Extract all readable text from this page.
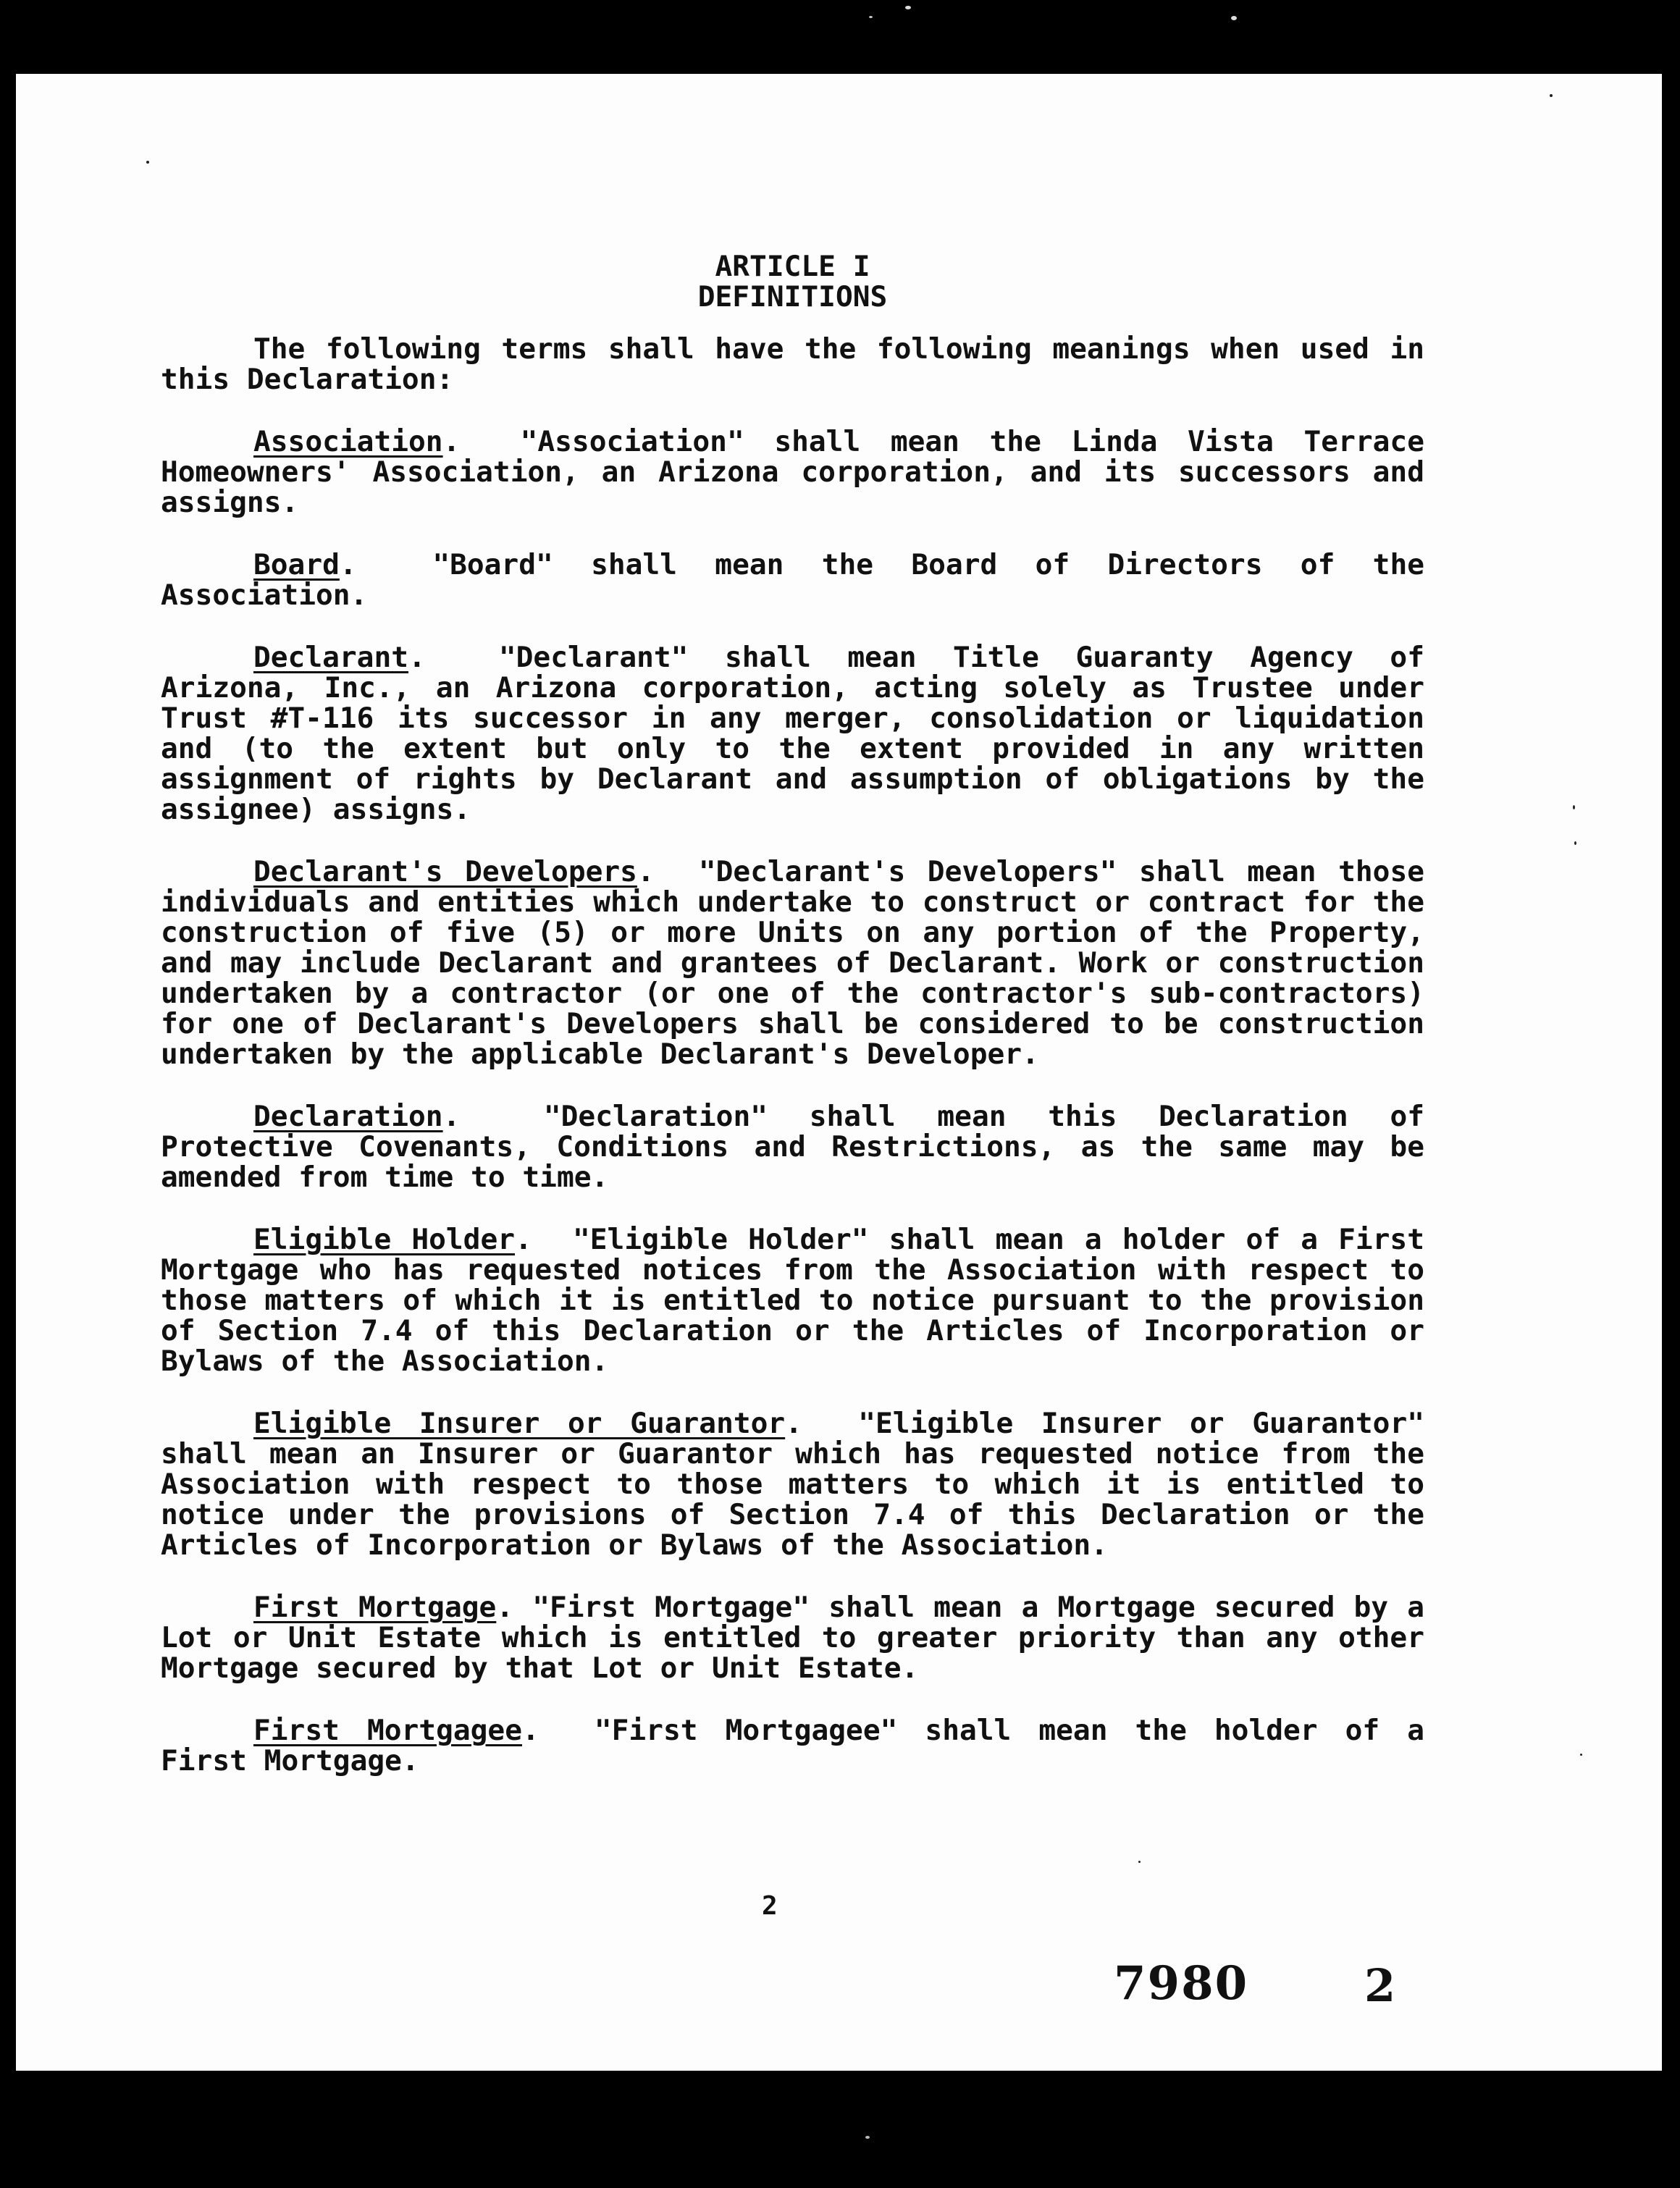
ARTICLE I
DEFINITIONS

The following terms shall have the following meanings when used in this Declaration:

Association.  "Association" shall mean the Linda Vista Terrace Homeowners' Association, an Arizona corporation, and its successors and assigns.

Board.  "Board" shall mean the Board of Directors of the Association.

Declarant.  "Declarant" shall mean Title Guaranty Agency of Arizona, Inc., an Arizona corporation, acting solely as Trustee under Trust #T-116 its successor in any merger, consolidation or liquidation and (to the extent but only to the extent provided in any written assignment of rights by Declarant and assumption of obligations by the assignee) assigns.

Declarant's Developers.  "Declarant's Developers" shall mean those individuals and entities which undertake to construct or contract for the construction of five (5) or more Units on any portion of the Property, and may include Declarant and grantees of Declarant. Work or construction undertaken by a contractor (or one of the contractor's sub-contractors) for one of Declarant's Developers shall be considered to be construction undertaken by the applicable Declarant's Developer.

Declaration.  "Declaration" shall mean this Declaration of Protective Covenants, Conditions and Restrictions, as the same may be amended from time to time.

Eligible Holder.  "Eligible Holder" shall mean a holder of a First Mortgage who has requested notices from the Association with respect to those matters of which it is entitled to notice pursuant to the provision of Section 7.4 of this Declaration or the Articles of Incorporation or Bylaws of the Association.

Eligible Insurer or Guarantor.  "Eligible Insurer or Guarantor" shall mean an Insurer or Guarantor which has requested notice from the Association with respect to those matters to which it is entitled to notice under the provisions of Section 7.4 of this Declaration or the Articles of Incorporation or Bylaws of the Association.

First Mortgage. "First Mortgage" shall mean a Mortgage secured by a Lot or Unit Estate which is entitled to greater priority than any other Mortgage secured by that Lot or Unit Estate.

First Mortgagee.  "First Mortgagee" shall mean the holder of a First Mortgage.

2
7980	2
